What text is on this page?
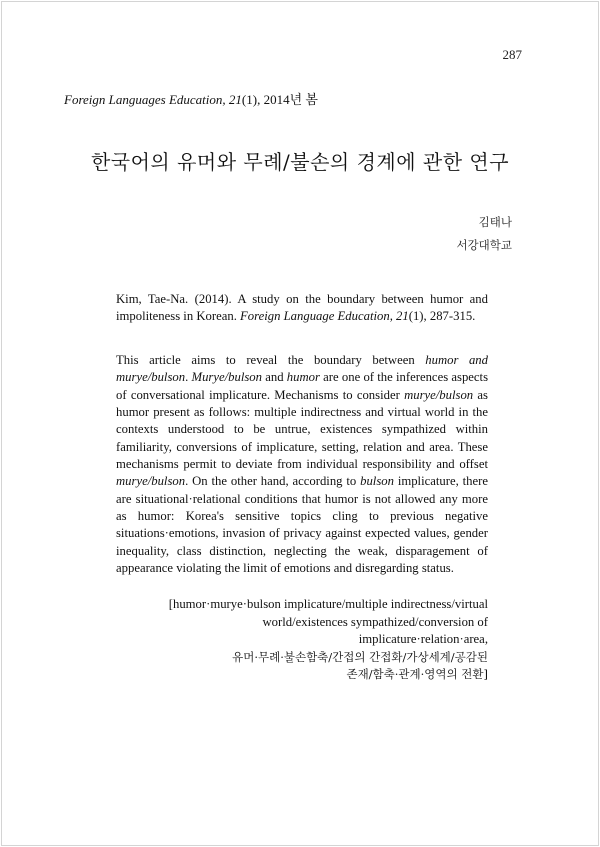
287
Foreign Languages Education, 21(1), 2014년 봄
한국어의 유머와 무례/불손의 경계에 관한 연구
김태나
서강대학교
Kim, Tae-Na. (2014). A study on the boundary between humor and impoliteness in Korean. Foreign Language Education, 21(1), 287-315.
This article aims to reveal the boundary between humor and murye/bulson. Murye/bulson and humor are one of the inferences aspects of conversational implicature. Mechanisms to consider murye/bulson as humor present as follows: multiple indirectness and virtual world in the contexts understood to be untrue, existences sympathized within familiarity, conversions of implicature, setting, relation and area. These mechanisms permit to deviate from individual responsibility and offset murye/bulson. On the other hand, according to bulson implicature, there are situational·relational conditions that humor is not allowed any more as humor: Korea's sensitive topics cling to previous negative situations·emotions, invasion of privacy against expected values, gender inequality, class distinction, neglecting the weak, disparagement of appearance violating the limit of emotions and disregarding status.
[humor·murye·bulson implicature/multiple indirectness/virtual
world/existences sympathized/conversion of
implicature·relation·area,
유머·무례·불손함축/간접의 간접화/가상세계/공감된
존재/함축·관계·영역의 전환]
